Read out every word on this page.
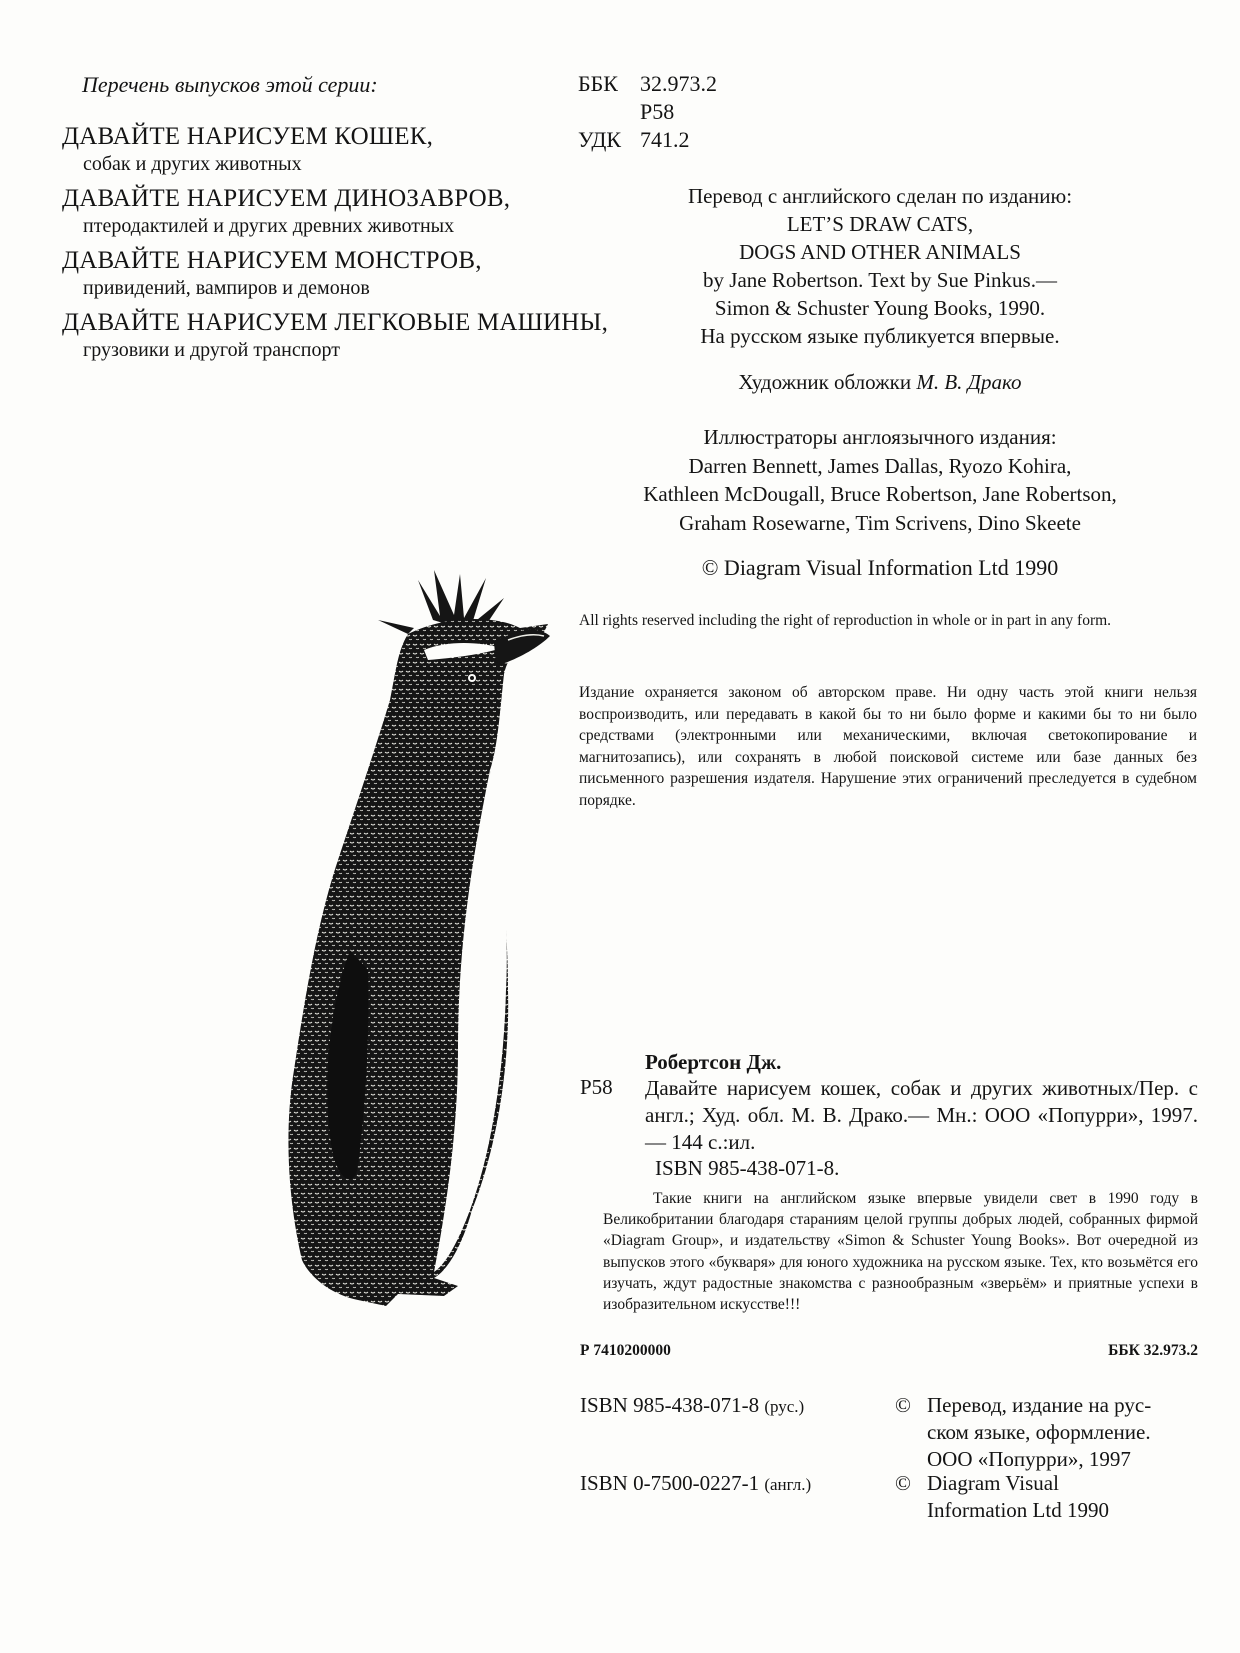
Перечень выпусков этой серии:
ДАВАЙТЕ НАРИСУЕМ КОШЕК,
собак и других животных
ДАВАЙТЕ НАРИСУЕМ ДИНОЗАВРОВ,
птеродактилей и других древних животных
ДАВАЙТЕ НАРИСУЕМ МОНСТРОВ,
привидений, вампиров и демонов
ДАВАЙТЕ НАРИСУЕМ ЛЕГКОВЫЕ МАШИНЫ,
грузовики и другой транспорт
ББК 32.973.2
Р58
УДК 741.2
Перевод с английского сделан по изданию:
LET’S DRAW CATS,
DOGS AND OTHER ANIMALS
by Jane Robertson. Text by Sue Pinkus.—
Simon & Schuster Young Books, 1990.
На русском языке публикуется впервые.
Художник обложки М. В. Драко
Иллюстраторы англоязычного издания:
Darren Bennett, James Dallas, Ryozo Kohira,
Kathleen McDougall, Bruce Robertson, Jane Robertson,
Graham Rosewarne, Tim Scrivens, Dino Skeete
© Diagram Visual Information Ltd 1990
All rights reserved including the right of reproduction in whole or in part in any form.
Издание охраняется законом об авторском праве. Ни одну часть этой книги нельзя воспроизводить, или передавать в какой бы то ни было форме и какими бы то ни было средствами (электронными или механическими, включая светокопирование и магнитозапись), или сохранять в любой поисковой системе или базе данных без письменного разрешения издателя. Нарушение этих ограничений преследуется в судебном порядке.
Робертсон Дж.
Р58 Давайте нарисуем кошек, собак и других животных/Пер. с англ.; Худ. обл. М. В. Драко.— Мн.: ООО «Попурри», 1997.— 144 с.:ил.
ISBN 985-438-071-8.
Такие книги на английском языке впервые увидели свет в 1990 году в Великобритании благодаря стараниям целой группы добрых людей, собранных фирмой «Diagram Group», и издательству «Simon & Schuster Young Books». Вот очередной из выпусков этого «букваря» для юного художника на русском языке. Тех, кто возьмётся его изучать, ждут радостные знакомства с разнообразным «зверьём» и приятные успехи в изобразительном искусстве!!!
Р 7410200000	ББК 32.973.2
ISBN 985-438-071-8 (рус.)
ISBN 0-7500-0227-1 (англ.)
© Перевод, издание на рус-
ском языке, оформление.
ООО «Попурри», 1997
© Diagram Visual
Information Ltd 1990
